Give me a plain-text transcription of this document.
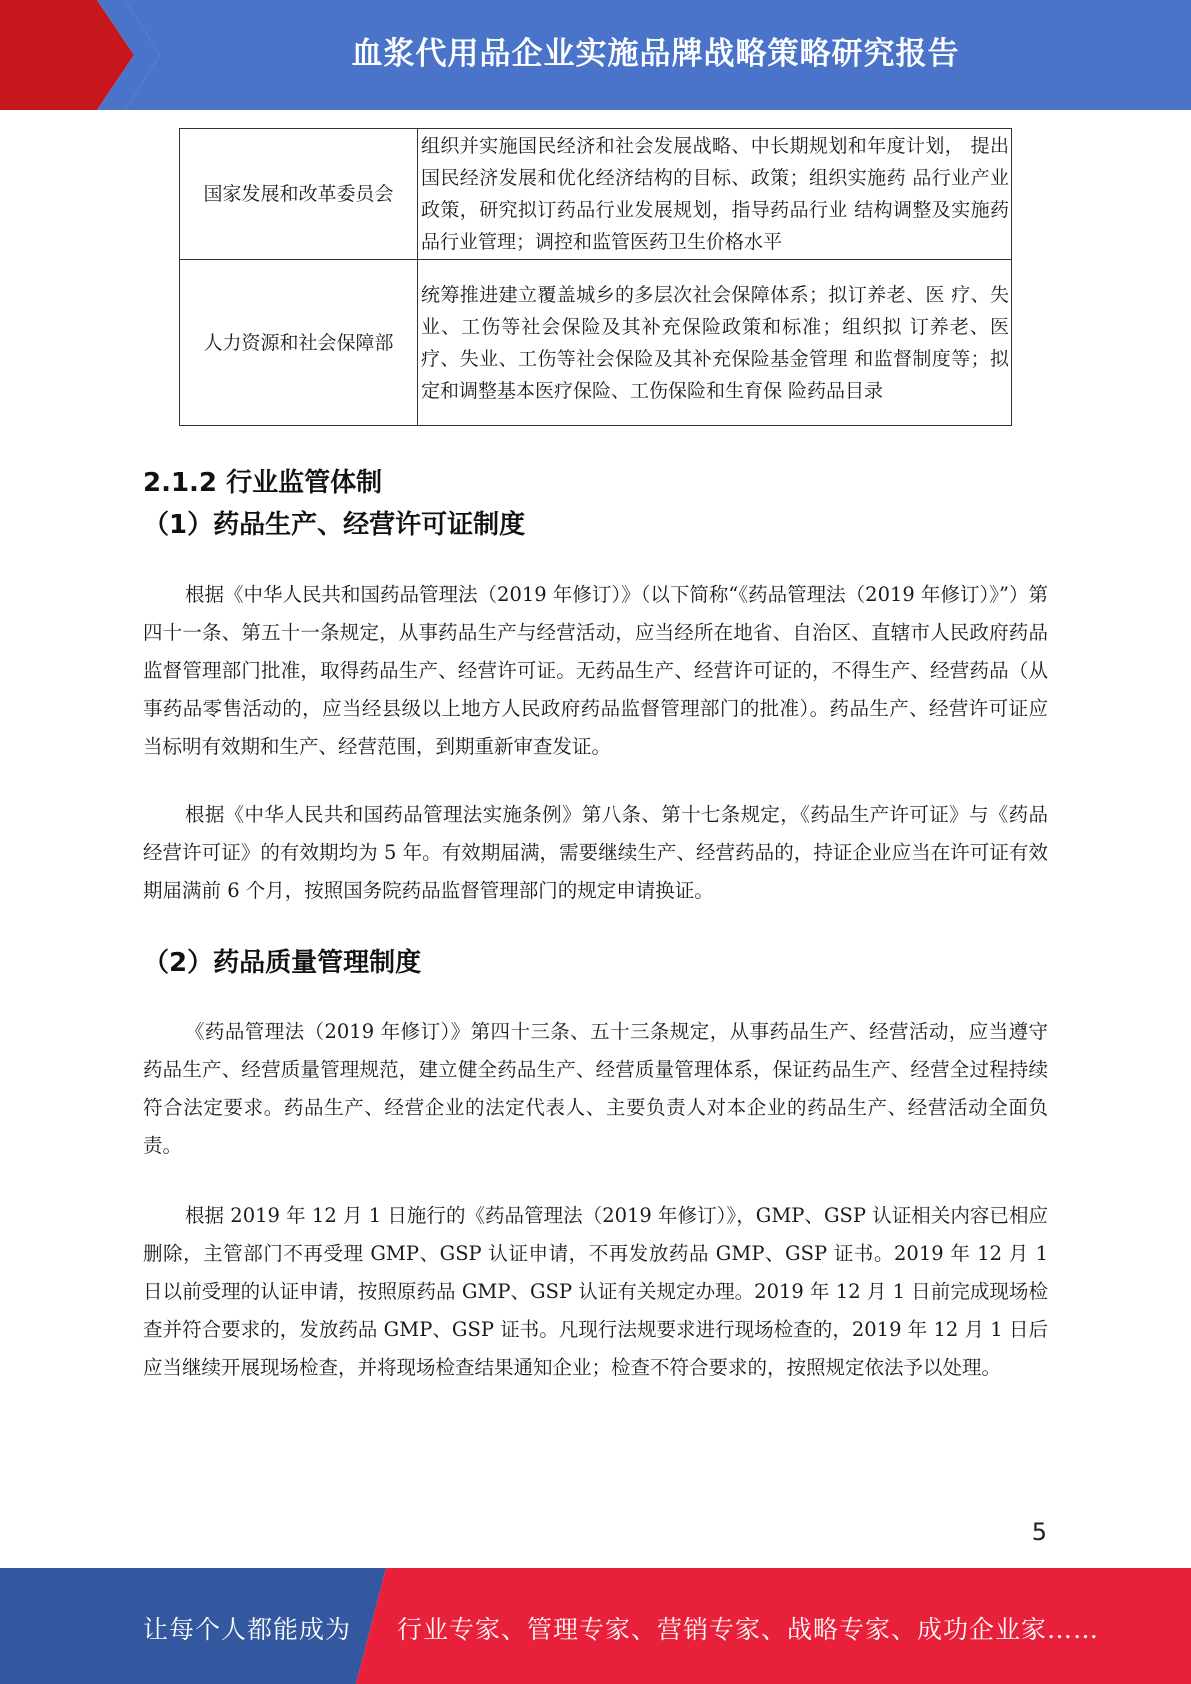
血浆代用品企业实施品牌战略策略研究报告
国家发展和改革委员会	组织并实施国民经济和社会发展战略、中长期规划和年度计划， 提出国民经济发展和优化经济结构的目标、政策；组织实施药 品行业产业政策，研究拟订药品行业发展规划，指导药品行业 结构调整及实施药品行业管理；调控和监管医药卫生价格水平
人力资源和社会保障部	统筹推进建立覆盖城乡的多层次社会保障体系；拟订养老、医 疗、失业、工伤等社会保险及其补充保险政策和标准；组织拟 订养老、医疗、失业、工伤等社会保险及其补充保险基金管理 和监督制度等；拟定和调整基本医疗保险、工伤保险和生育保 险药品目录
2.1.2 行业监管体制
（1）药品生产、经营许可证制度

根据《中华人民共和国药品管理法（2019 年修订）》（以下简称“《药品管理法（2019 年修订）》”）第四十一条、第五十一条规定，从事药品生产与经营活动，应当经所在地省、自治区、直辖市人民政府药品监督管理部门批准，取得药品生产、经营许可证。无药品生产、经营许可证的，不得生产、经营药品（从事药品零售活动的，应当经县级以上地方人民政府药品监督管理部门的批准）。药品生产、经营许可证应当标明有效期和生产、经营范围，到期重新审查发证。

根据《中华人民共和国药品管理法实施条例》第八条、第十七条规定，《药品生产许可证》与《药品经营许可证》的有效期均为 5 年。有效期届满，需要继续生产、经营药品的，持证企业应当在许可证有效期届满前 6 个月，按照国务院药品监督管理部门的规定申请换证。

（2）药品质量管理制度

《药品管理法（2019 年修订）》第四十三条、五十三条规定，从事药品生产、经营活动，应当遵守药品生产、经营质量管理规范，建立健全药品生产、经营质量管理体系，保证药品生产、经营全过程持续符合法定要求。药品生产、经营企业的法定代表人、主要负责人对本企业的药品生产、经营活动全面负责。

根据 2019 年 12 月 1 日施行的《药品管理法（2019 年修订）》，GMP、GSP 认证相关内容已相应删除，主管部门不再受理 GMP、GSP 认证申请，不再发放药品 GMP、GSP 证书。2019 年 12 月 1 日以前受理的认证申请，按照原药品 GMP、GSP 认证有关规定办理。2019 年 12 月 1 日前完成现场检查并符合要求的，发放药品 GMP、GSP 证书。凡现行法规要求进行现场检查的，2019 年 12 月 1 日后应当继续开展现场检查，并将现场检查结果通知企业；检查不符合要求的，按照规定依法予以处理。

5
让每个人都能成为 行业专家、管理专家、营销专家、战略专家、成功企业家……
